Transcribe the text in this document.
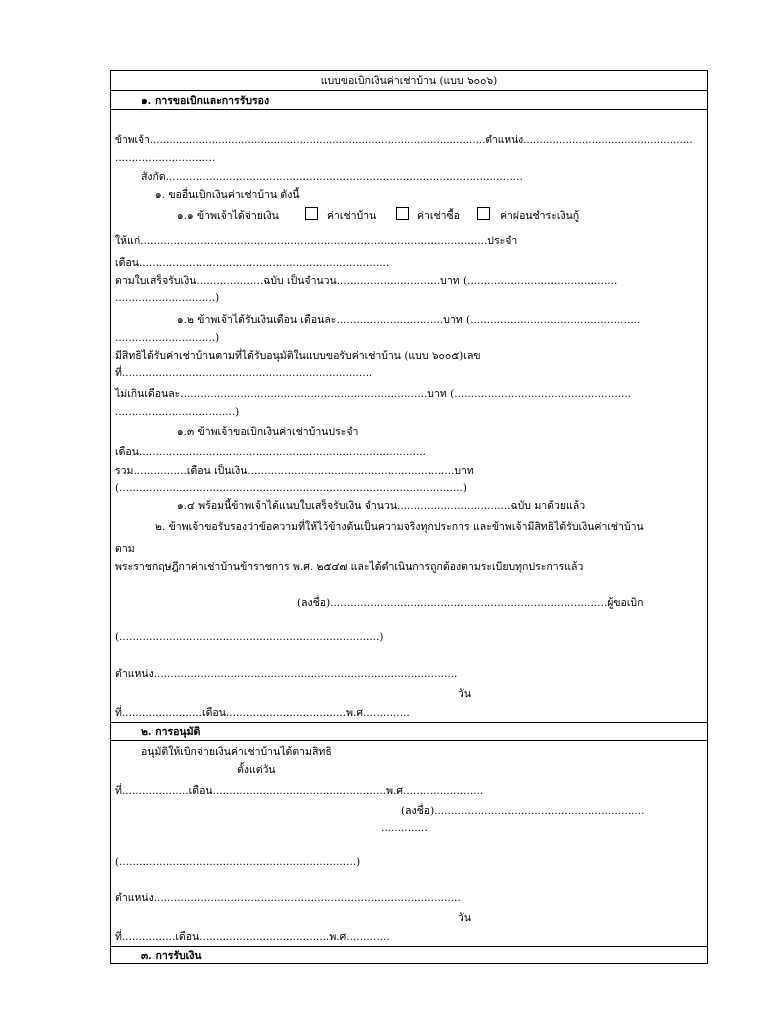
แบบขอเบิกเงินค่าเช่าบ้าน (แบบ ๖๐๐๖)
๑. การขอเบิกและการรับรอง
ข้าพเจ้า.......................................................................................................ตำแหน่ง....................................................
..............................
สังกัด...........................................................................................................
๑. ขออื่นเบิกเงินค่าเช่าบ้าน ดังนี้
๑.๑ ข้าพเจ้าได้จ่ายเงิน	ค่าเช่าบ้าน	ค่าเช่าซื้อ	ค่าผ่อนชำระเงินกู้
ให้แก่........................................................................................................ประจำ
เดือน...........................................................................
ตามใบเสร็จรับเงิน....................ฉบับ เป็นจำนวน...............................บาท (.............................................
..............................)
๑.๒ ข้าพเจ้าได้รับเงินเดือน เดือนละ................................บาท (...................................................
..............................)
มีสิทธิได้รับค่าเช่าบ้านตามที่ได้รับอนุมัติในแบบขอรับค่าเช่าบ้าน (แบบ ๖๐๐๕)เลข
ที่...........................................................................
ไม่เกินเดือนละ..........................................................................บาท (.....................................................
....................................)
๑.๓ ข้าพเจ้าขอเบิกเงินค่าเช่าบ้านประจำ
เดือน......................................................................................
รวม................เดือน เป็นเงิน..............................................................บาท
(.......................................................................................................)
๑.๔ พร้อมนี้ข้าพเจ้าได้แนบใบเสร็จรับเงิน จำนวน..................................ฉบับ มาด้วยแล้ว
๒. ข้าพเจ้าขอรับรองว่าข้อความที่ให้ไว้ข้างต้นเป็นความจริงทุกประการ และข้าพเจ้ามีสิทธิได้รับเงินค่าเช่าบ้าน
ตาม
พระราชกฤษฎีกาค่าเช่าบ้านข้าราชการ พ.ศ. ๒๕๔๗ และได้ดำเนินการถูกต้องตามระเบียบทุกประการแล้ว
(ลงชื่อ)...................................................................................ผู้ขอเบิก
(..............................................................................)
ตำแหน่ง...........................................................................................
วัน
ที่........................เดือน....................................พ.ศ..............
๒. การอนุมัติ
อนุมัติให้เบิกจ่ายเงินค่าเช่าบ้านได้ตามสิทธิ
ตั้งแต่วัน
ที่....................เดือน....................................................พ.ศ........................
(ลงชื่อ)...............................................................
..............
(.......................................................................)
ตำแหน่ง............................................................................................
วัน
ที่................เดือน.......................................พ.ศ.............
๓. การรับเงิน
